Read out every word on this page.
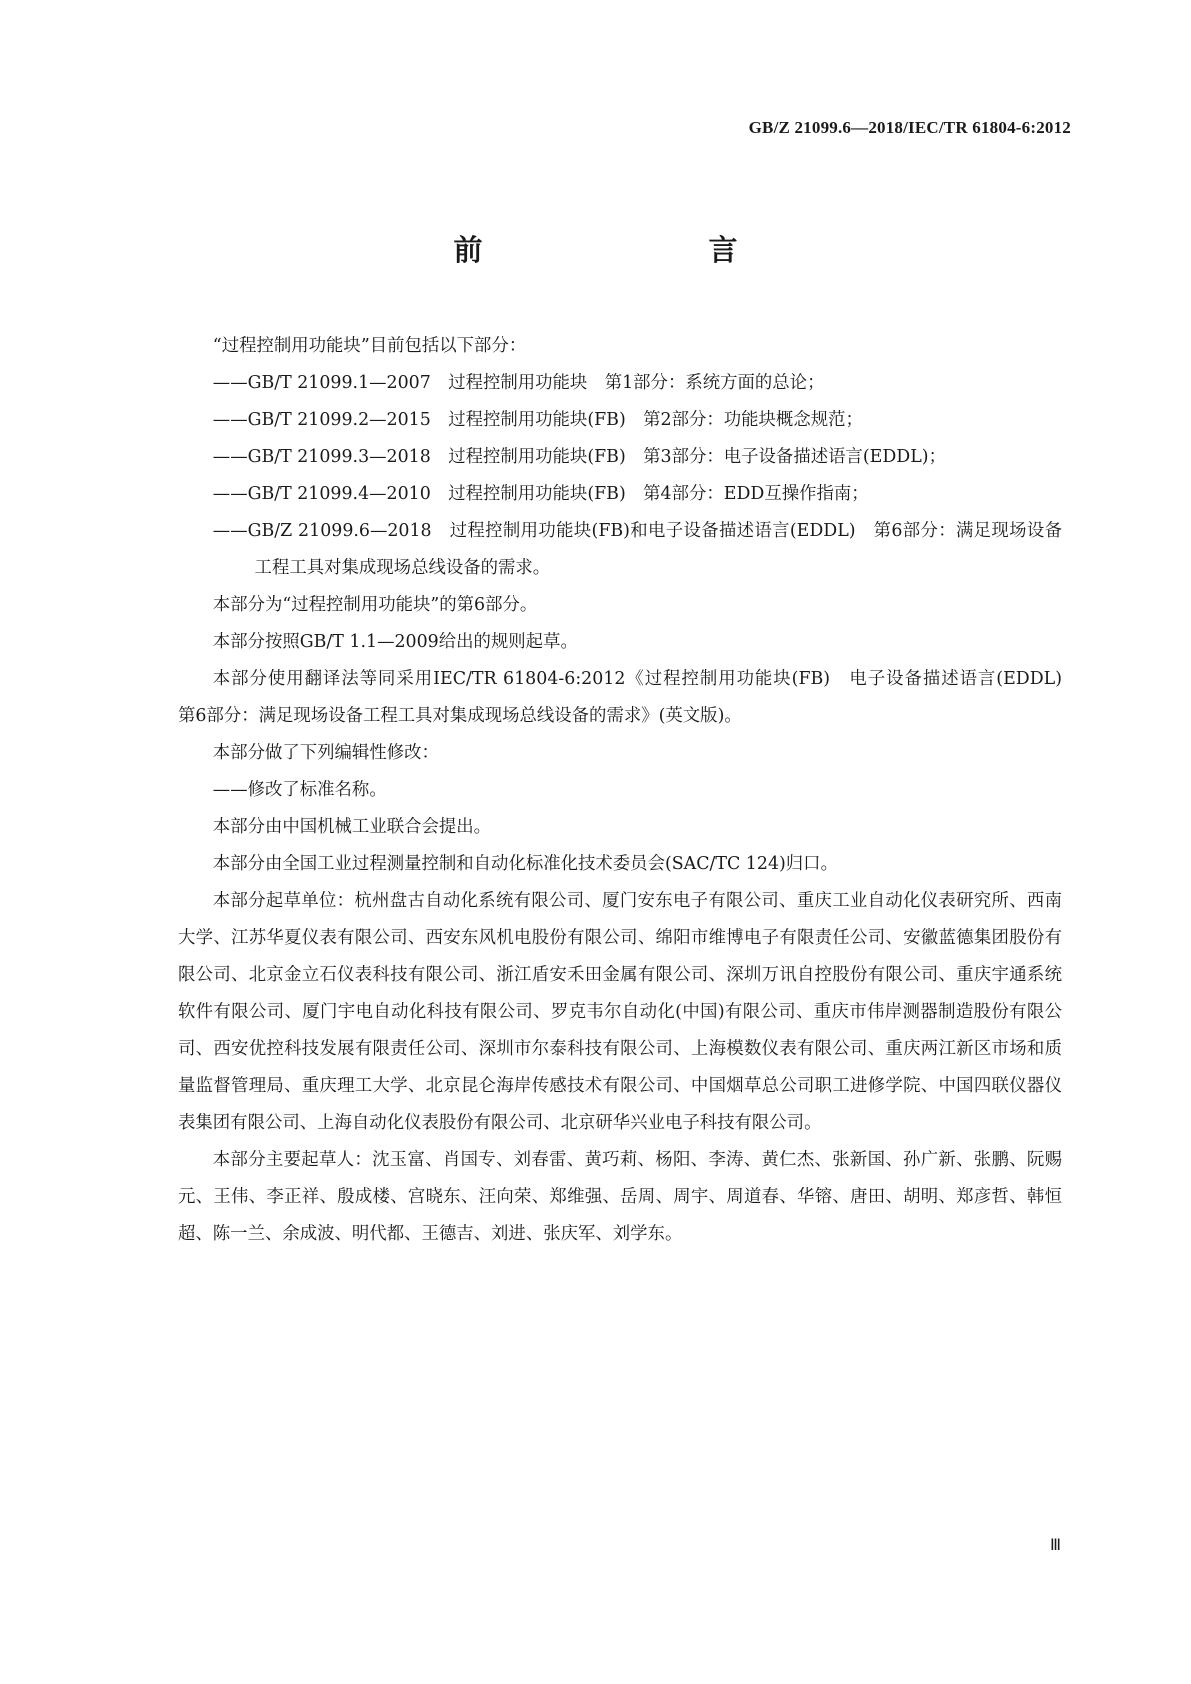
GB/Z 21099.6—2018/IEC/TR 61804-6:2012
前　　言

“过程控制用功能块”目前包括以下部分：

——GB/T 21099.1—2007　过程控制用功能块　第1部分：系统方面的总论；

——GB/T 21099.2—2015　过程控制用功能块(FB)　第2部分：功能块概念规范；

——GB/T 21099.3—2018　过程控制用功能块(FB)　第3部分：电子设备描述语言(EDDL)；

——GB/T 21099.4—2010　过程控制用功能块(FB)　第4部分：EDD互操作指南；

——GB/Z 21099.6—2018　过程控制用功能块(FB)和电子设备描述语言(EDDL)　第6部分：满足现场设备工程工具对集成现场总线设备的需求。

本部分为“过程控制用功能块”的第6部分。

本部分按照GB/T 1.1—2009给出的规则起草。

本部分使用翻译法等同采用IEC/TR 61804-6:2012《过程控制用功能块(FB)　电子设备描述语言(EDDL)　第6部分：满足现场设备工程工具对集成现场总线设备的需求》(英文版)。

本部分做了下列编辑性修改：

——修改了标准名称。

本部分由中国机械工业联合会提出。

本部分由全国工业过程测量控制和自动化标准化技术委员会(SAC/TC 124)归口。

本部分起草单位：杭州盘古自动化系统有限公司、厦门安东电子有限公司、重庆工业自动化仪表研究所、西南大学、江苏华夏仪表有限公司、西安东风机电股份有限公司、绵阳市维博电子有限责任公司、安徽蓝德集团股份有限公司、北京金立石仪表科技有限公司、浙江盾安禾田金属有限公司、深圳万讯自控股份有限公司、重庆宇通系统软件有限公司、厦门宇电自动化科技有限公司、罗克韦尔自动化(中国)有限公司、重庆市伟岸测器制造股份有限公司、西安优控科技发展有限责任公司、深圳市尔泰科技有限公司、上海模数仪表有限公司、重庆两江新区市场和质量监督管理局、重庆理工大学、北京昆仑海岸传感技术有限公司、中国烟草总公司职工进修学院、中国四联仪器仪表集团有限公司、上海自动化仪表股份有限公司、北京研华兴业电子科技有限公司。

本部分主要起草人：沈玉富、肖国专、刘春雷、黄巧莉、杨阳、李涛、黄仁杰、张新国、孙广新、张鹏、阮赐元、王伟、李正祥、殷成楼、宫晓东、汪向荣、郑维强、岳周、周宇、周道春、华镕、唐田、胡明、郑彦哲、韩恒超、陈一兰、余成波、明代都、王德吉、刘进、张庆军、刘学东。

Ⅲ
